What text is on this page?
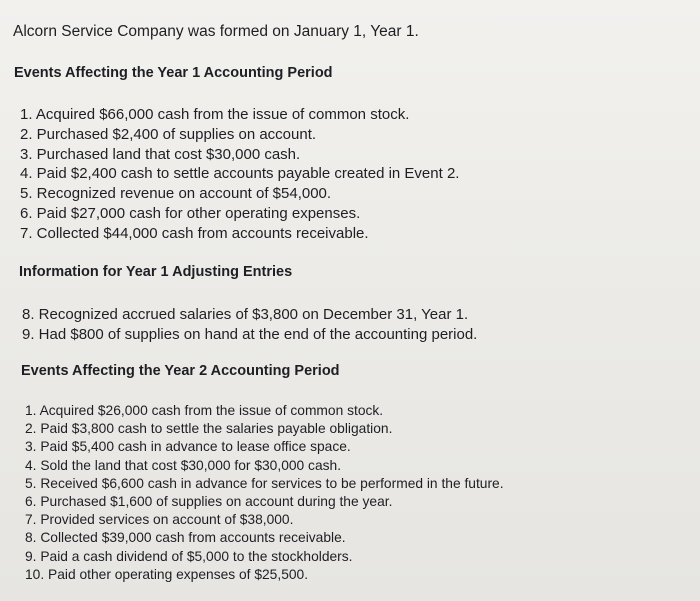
Alcorn Service Company was formed on January 1, Year 1.
Events Affecting the Year 1 Accounting Period
1. Acquired $66,000 cash from the issue of common stock.
2. Purchased $2,400 of supplies on account.
3. Purchased land that cost $30,000 cash.
4. Paid $2,400 cash to settle accounts payable created in Event 2.
5. Recognized revenue on account of $54,000.
6. Paid $27,000 cash for other operating expenses.
7. Collected $44,000 cash from accounts receivable.
Information for Year 1 Adjusting Entries
8. Recognized accrued salaries of $3,800 on December 31, Year 1.
9. Had $800 of supplies on hand at the end of the accounting period.
Events Affecting the Year 2 Accounting Period
1. Acquired $26,000 cash from the issue of common stock.
2. Paid $3,800 cash to settle the salaries payable obligation.
3. Paid $5,400 cash in advance to lease office space.
4. Sold the land that cost $30,000 for $30,000 cash.
5. Received $6,600 cash in advance for services to be performed in the future.
6. Purchased $1,600 of supplies on account during the year.
7. Provided services on account of $38,000.
8. Collected $39,000 cash from accounts receivable.
9. Paid a cash dividend of $5,000 to the stockholders.
10. Paid other operating expenses of $25,500.
